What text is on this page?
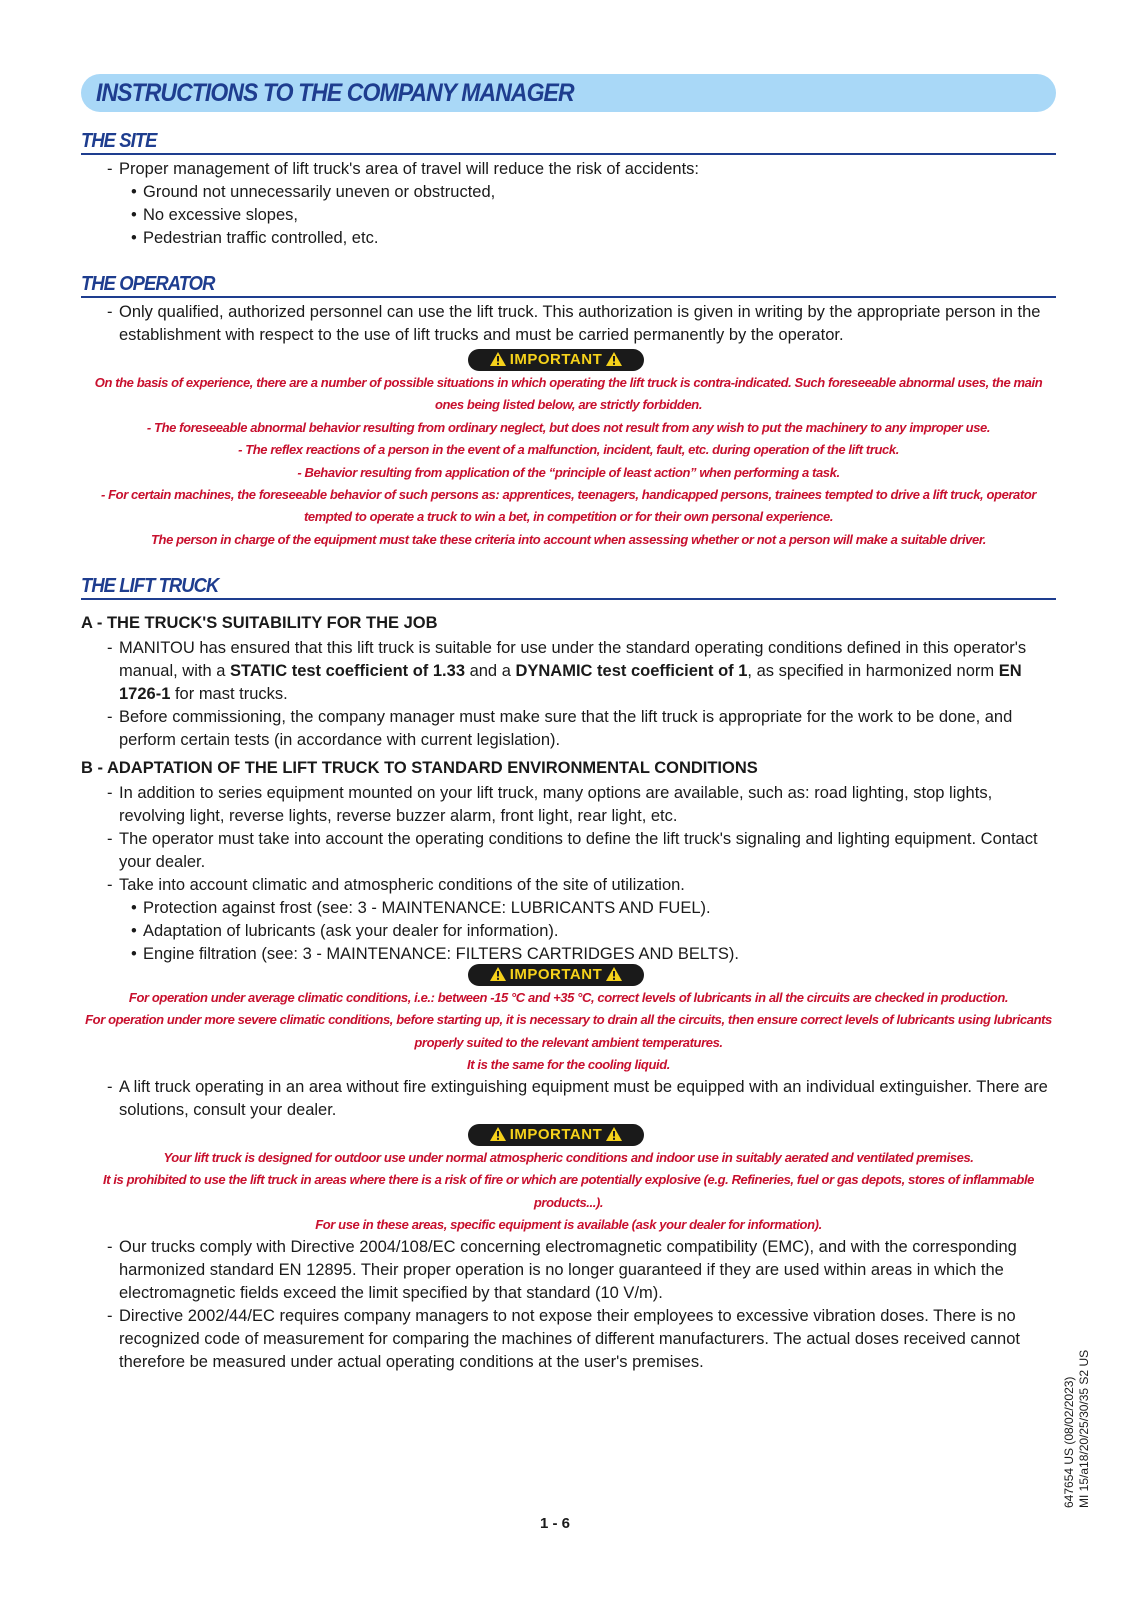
INSTRUCTIONS TO THE COMPANY MANAGER
THE SITE

- Proper management of lift truck's area of travel will reduce the risk of accidents:

• Ground not unnecessarily uneven or obstructed,
• No excessive slopes,
• Pedestrian traffic controlled, etc.
THE OPERATOR

- Only qualified, authorized personnel can use the lift truck. This authorization is given in writing by the appropriate person in the establishment with respect to the use of lift trucks and must be carried permanently by the operator.

IMPORTANT

On the basis of experience, there are a number of possible situations in which operating the lift truck is contra-indicated. Such foreseeable abnormal uses, the main ones being listed below, are strictly forbidden.

- The foreseeable abnormal behavior resulting from ordinary neglect, but does not result from any wish to put the machinery to any improper use.

- The reflex reactions of a person in the event of a malfunction, incident, fault, etc. during operation of the lift truck.

- Behavior resulting from application of the “principle of least action” when performing a task.

- For certain machines, the foreseeable behavior of such persons as: apprentices, teenagers, handicapped persons, trainees tempted to drive a lift truck, operator tempted to operate a truck to win a bet, in competition or for their own personal experience.

The person in charge of the equipment must take these criteria into account when assessing whether or not a person will make a suitable driver.

THE LIFT TRUCK
A - THE TRUCK'S SUITABILITY FOR THE JOB

- MANITOU has ensured that this lift truck is suitable for use under the standard operating conditions defined in this operator's manual, with a STATIC test coefficient of 1.33 and a DYNAMIC test coefficient of 1, as specified in harmonized norm EN 1726-1 for mast trucks.

- Before commissioning, the company manager must make sure that the lift truck is appropriate for the work to be done, and perform certain tests (in accordance with current legislation).

B - ADAPTATION OF THE LIFT TRUCK TO STANDARD ENVIRONMENTAL CONDITIONS

- In addition to series equipment mounted on your lift truck, many options are available, such as: road lighting, stop lights, revolving light, reverse lights, reverse buzzer alarm, front light, rear light, etc.

- The operator must take into account the operating conditions to define the lift truck's signaling and lighting equipment. Contact your dealer.

- Take into account climatic and atmospheric conditions of the site of utilization.

• Protection against frost (see: 3 - MAINTENANCE: LUBRICANTS AND FUEL).
• Adaptation of lubricants (ask your dealer for information).
• Engine filtration (see: 3 - MAINTENANCE: FILTERS CARTRIDGES AND BELTS).
IMPORTANT

For operation under average climatic conditions, i.e.: between -15 °C and +35 °C, correct levels of lubricants in all the circuits are checked in production.

For operation under more severe climatic conditions, before starting up, it is necessary to drain all the circuits, then ensure correct levels of lubricants using lubricants properly suited to the relevant ambient temperatures.

It is the same for the cooling liquid.

- A lift truck operating in an area without fire extinguishing equipment must be equipped with an individual extinguisher. There are solutions, consult your dealer.

IMPORTANT

Your lift truck is designed for outdoor use under normal atmospheric conditions and indoor use in suitably aerated and ventilated premises.

It is prohibited to use the lift truck in areas where there is a risk of fire or which are potentially explosive (e.g. Refineries, fuel or gas depots, stores of inflammable products...).

For use in these areas, specific equipment is available (ask your dealer for information).

- Our trucks comply with Directive 2004/108/EC concerning electromagnetic compatibility (EMC), and with the corresponding harmonized standard EN 12895. Their proper operation is no longer guaranteed if they are used within areas in which the electromagnetic fields exceed the limit specified by that standard (10 V/m).

- Directive 2002/44/EC requires company managers to not expose their employees to excessive vibration doses. There is no recognized code of measurement for comparing the machines of different manufacturers. The actual doses received cannot therefore be measured under actual operating conditions at the user's premises.

1 - 6
647654 US (08/02/2023) MI 15/a18/20/25/30/35 S2 US
